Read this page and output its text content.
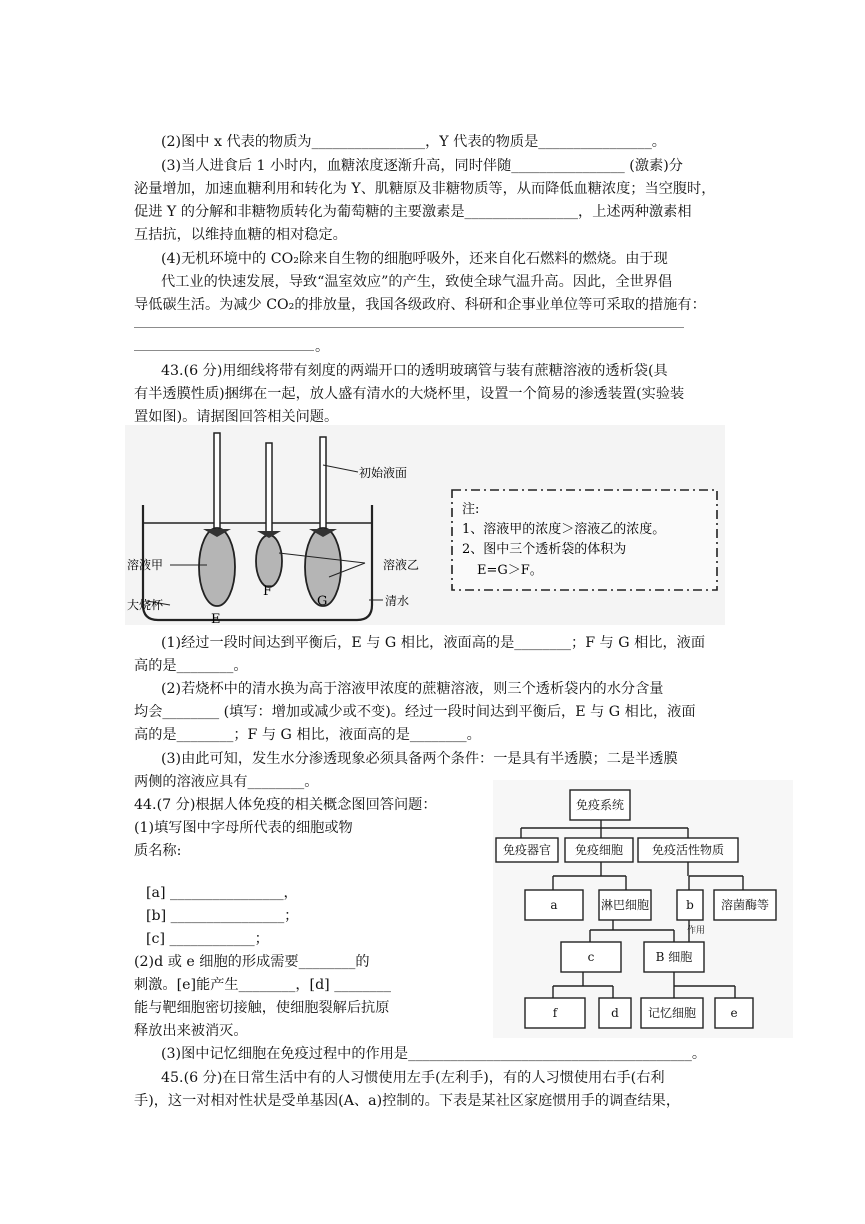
(2)图中 x 代表的物质为________________，Y 代表的物质是________________。
(3)当人进食后 1 小时内，血糖浓度逐渐升高，同时伴随________________ (激素)分
泌量增加，加速血糖利用和转化为 Y、肌糖原及非糖物质等，从而降低血糖浓度；当空腹时，
促进 Y 的分解和非糖物质转化为葡萄糖的主要激素是________________，上述两种激素相
互拮抗，以维持血糖的相对稳定。
(4)无机环境中的 CO₂除来自生物的细胞呼吸外，还来自化石燃料的燃烧。由于现
代工业的快速发展，导致“温室效应”的产生，致使全球气温升高。因此，全世界倡
导低碳生活。为减少 CO₂的排放量，我国各级政府、科研和企事业单位等可采取的措施有：
。
43.(6 分)用细线将带有刻度的两端开口的透明玻璃管与装有蔗糖溶液的透析袋(具
有半透膜性质)捆绑在一起，放人盛有清水的大烧杯里，设置一个简易的渗透装置(实验装
置如图)。请据图回答相关问题。
初始液面
溶液甲	溶液乙
大烧杯	清水
E
F
G
注:
1、溶液甲的浓度＞溶液乙的浓度。
2、图中三个透析袋的体积为
E=G＞F。
(1)经过一段时间达到平衡后，E 与 G 相比，液面高的是________；F 与 G 相比，液面
高的是________。
(2)若烧杯中的清水换为高于溶液甲浓度的蔗糖溶液，则三个透析袋内的水分含量
均会________ (填写：增加或减少或不变)。经过一段时间达到平衡后，E 与 G 相比，液面
高的是________；F 与 G 相比，液面高的是________。
(3)由此可知，发生水分渗透现象必须具备两个条件：一是具有半透膜；二是半透膜
两侧的溶液应具有________。
44.(7 分)根据人体免疫的相关概念图回答问题：
(1)填写图中字母所代表的细胞或物
质名称:
[a] ________________，
[b] ________________；
[c] ____________；
(2)d 或 e 细胞的形成需要________的
刺激。[e]能产生________，[d] ________
能与靶细胞密切接触，使细胞裂解后抗原
释放出来被消灭。
(3)图中记忆细胞在免疫过程中的作用是________________________________________。
免疫系统
免疫器官 免疫细胞 免疫活性物质
a	淋巴细胞	b 溶菌酶等
c	B 细胞
f	d 记忆细胞	e
作用
45.(6 分)在日常生活中有的人习惯使用左手(左利手)，有的人习惯使用右手(右利
手)，这一对相对性状是受单基因(A、a)控制的。下表是某社区家庭惯用手的调查结果，
